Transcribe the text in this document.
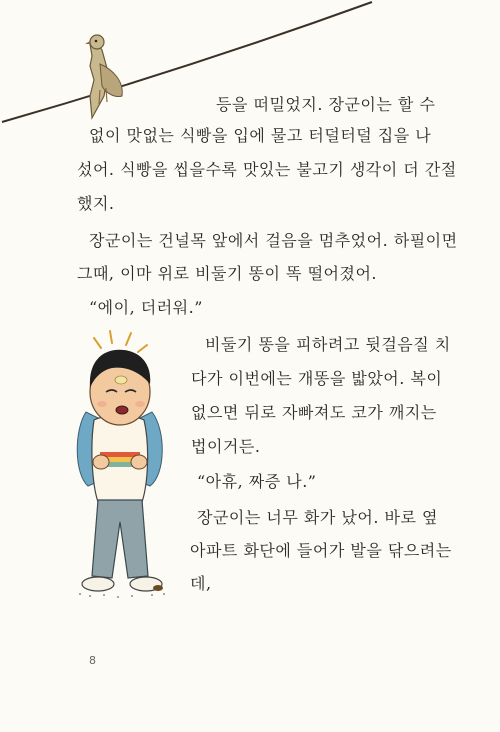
등을 떠밀었지. 장군이는 할 수
없이 맛없는 식빵을 입에 물고 터덜터덜 집을 나
섰어. 식빵을 씹을수록 맛있는 불고기 생각이 더 간절
했지.
장군이는 건널목 앞에서 걸음을 멈추었어. 하필이면
그때, 이마 위로 비둘기 똥이 똑 떨어졌어.
“에이, 더러워.”
비둘기 똥을 피하려고 뒷걸음질 치
다가 이번에는 개똥을 밟았어. 복이
없으면 뒤로 자빠져도 코가 깨지는
법이거든.
“아휴, 짜증 나.”
장군이는 너무 화가 났어. 바로 옆
아파트 화단에 들어가 발을 닦으려는
데,
8
